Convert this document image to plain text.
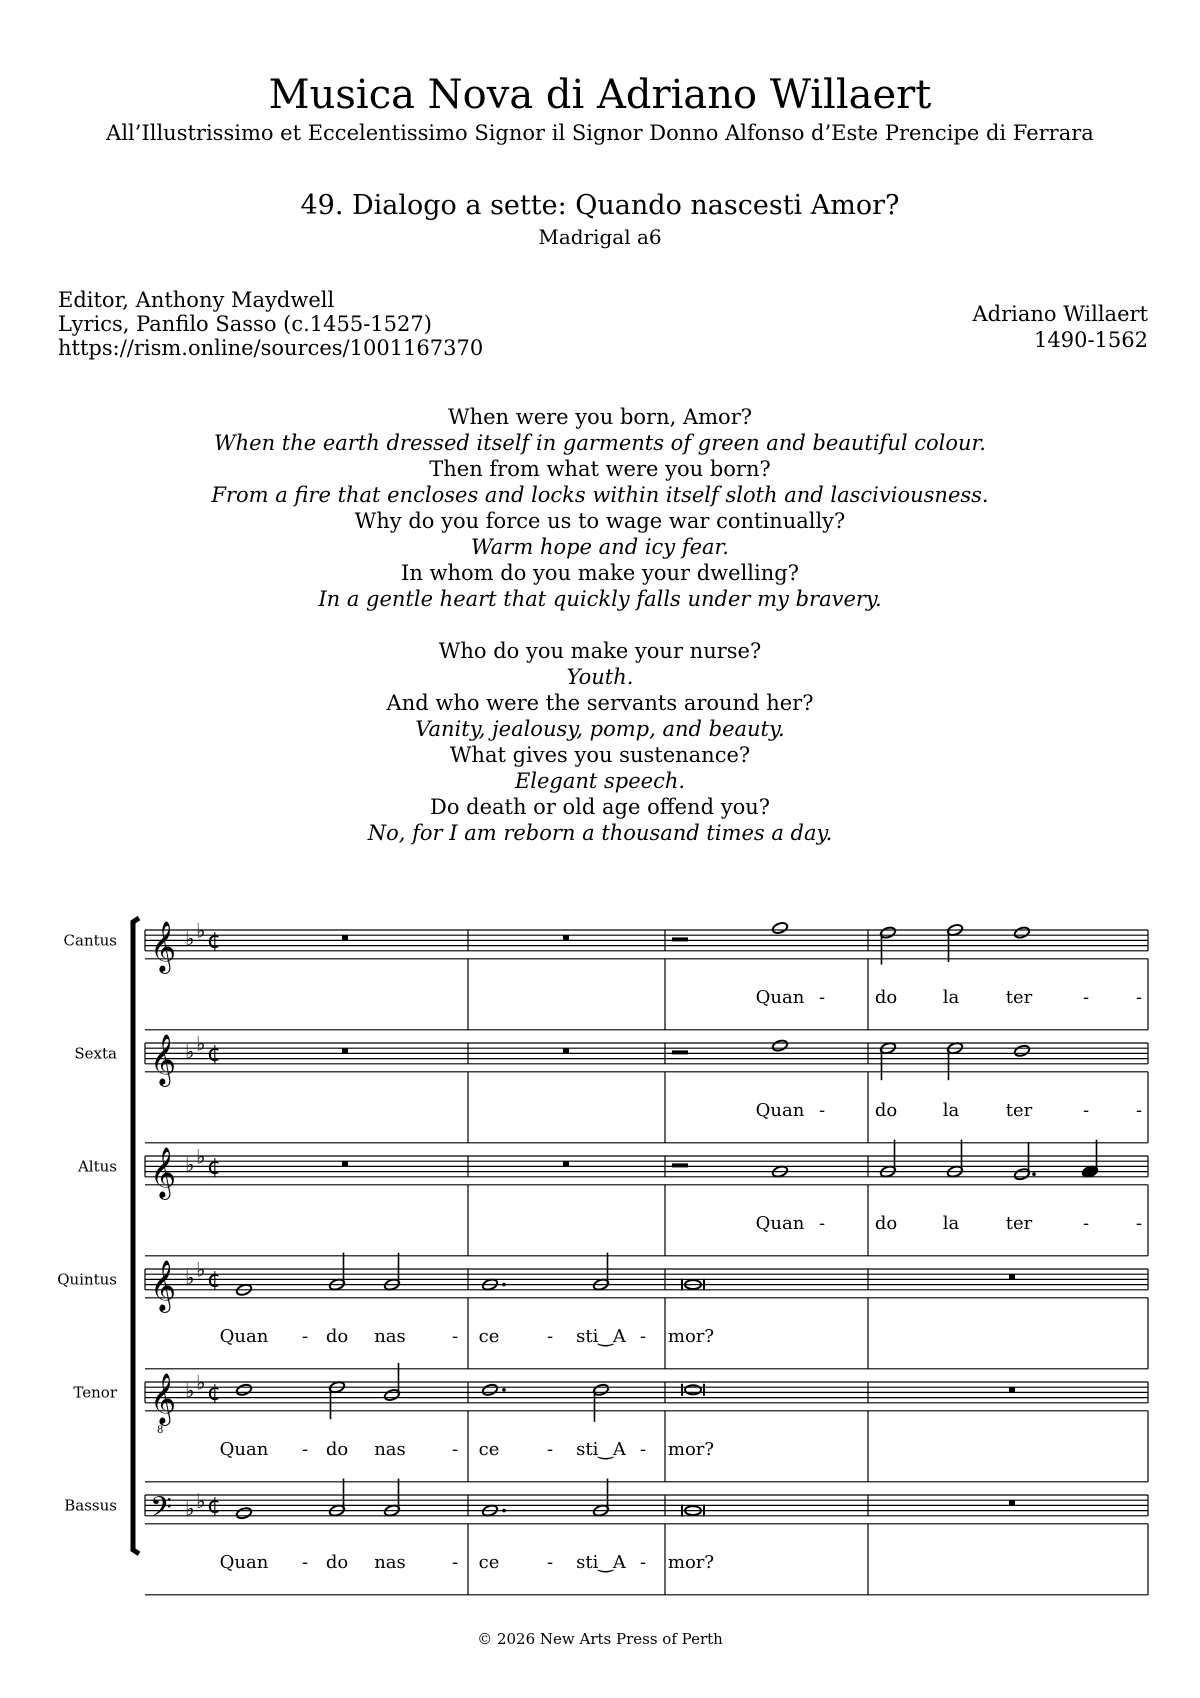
Musica Nova di Adriano Willaert
All’Illustrissimo et Eccelentissimo Signor il Signor Donno Alfonso d’Este Prencipe di Ferrara
49. Dialogo a sette: Quando nascesti Amor?
Madrigal a6
Editor, Anthony Maydwell
Lyrics, Panfilo Sasso (c.1455-1527)
https://rism.online/sources/1001167370
Adriano Willaert
1490-1562
When were you born, Amor?
When the earth dressed itself in garments of green and beautiful colour.
Then from what were you born?
From a fire that encloses and locks within itself sloth and lasciviousness.
Why do you force us to wage war continually?
Warm hope and icy fear.
In whom do you make your dwelling?
In a gentle heart that quickly falls under my bravery.
Who do you make your nurse?
Youth.
And who were the servants around her?
Vanity, jealousy, pomp, and beauty.
What gives you sustenance?
Elegant speech.
Do death or old age offend you?
No, for I am reborn a thousand times a day.
Cantus 𝄞 ♭ ♭ ¢
Quan -	do	la	ter	-	-
Sexta 𝄞 ♭ ♭ ¢
Quan -	do	la	ter	-	-
Altus 𝄞 ♭ ♭ ¢
Quan -	do	la	ter	-	-
Quintus 𝄞 ♭ ♭ ¢
Quan - do nas	- ce	- sti‿A - mor?
Tenor 𝄞
8
♭ ♭ ¢
Quan - do nas	- ce	- sti‿A - mor?
Bassus 𝄢 ♭ ♭ ¢
Quan - do nas	- ce	- sti‿A - mor?
© 2026 New Arts Press of Perth
